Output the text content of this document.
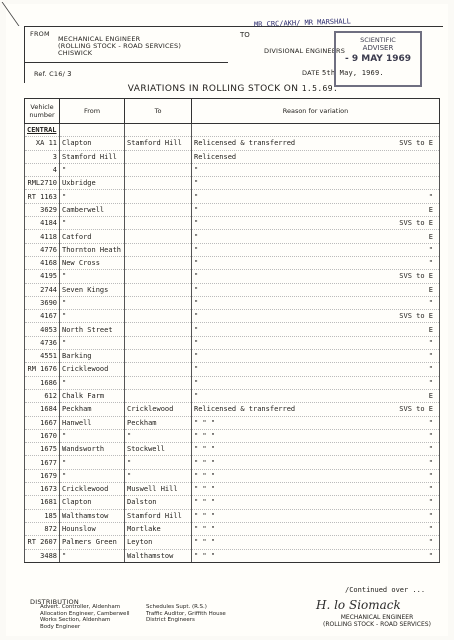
FROM
MECHANICAL ENGINEER
(ROLLING STOCK - ROAD SERVICES)
CHISWICK
Ref. C16/ 3
TO
MR CRC/AKH/ MR MARSHALL
DIVISIONAL ENGINEERS
DATE 5th May, 1969.
SCIENTIFIC
ADVISER
- 9 MAY 1969
VARIATIONS IN ROLLING STOCK ON 1.5.69.
Vehicle number	From	To	Reason for variation
CENTRAL			
XA 11	Clapton	Stamford Hill	Relicensed & transferred SVS to E

3	Stamford Hill		Relicensed

4	"		"

RML2710	Uxbridge		"

RT 1163	"		" "

3629	Camberwell		" E

4184	"		" SVS to E

4118	Catford		" E

4776	Thornton Heath		" "

4168	New Cross		" "

4195	"		" SVS to E

2744	Seven Kings		" E

3690	"		" "

4167	"		" SVS to E

4053	North Street		" E

4736	"		" "

4551	Barking		" "

RM 1676	Cricklewood		" "

1686	"		" "

612	Chalk Farm		" E

1684	Peckham	Cricklewood	Relicensed & transferred SVS to E

1667	Hanwell	Peckham	" " " "

1670	"	"	" " " "

1675	Wandsworth	Stockwell	" " " "

1677	"	"	" " " "

1679	"	"	" " " "

1673	Cricklewood	Muswell Hill	" " " "

1681	Clapton	Dalston	" " " "

185	Walthamstow	Stamford Hill	" " " "

872	Hounslow	Mortlake	" " " "

RT 2607	Palmers Green	Leyton	" " " "

3488	"	Walthamstow	" " " "
/Continued over ...
DISTRIBUTION
Advert. Controller, Aldenham
Allocation Engineer, Camberwell
Works Section, Aldenham
Body Engineer
Schedules Supt. (R.S.)
Traffic Auditor, Griffith House
District Engineers
H. lo Siomack
MECHANICAL ENGINEER
(ROLLING STOCK - ROAD SERVICES)
